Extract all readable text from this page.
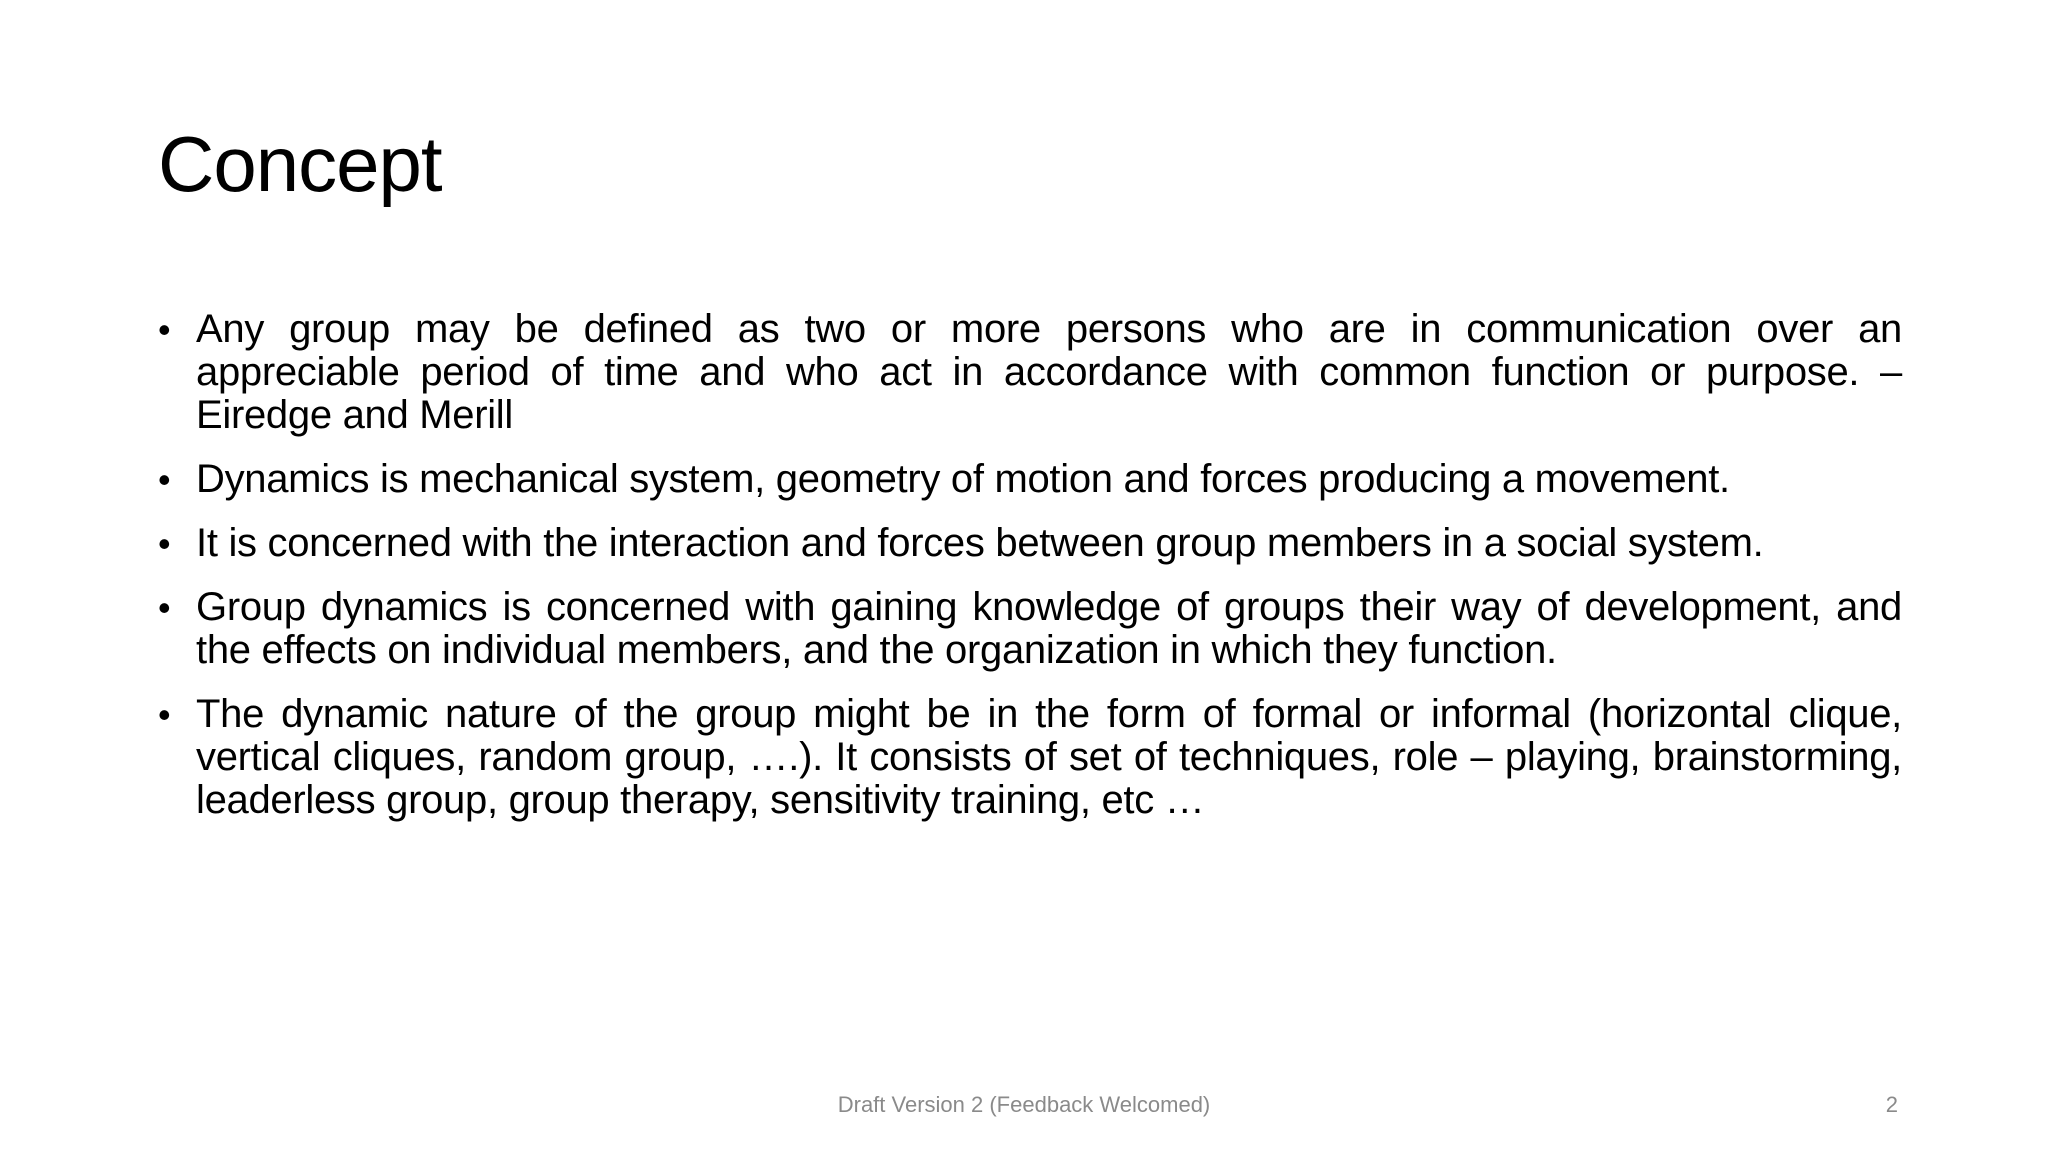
Concept
• Any group may be defined as two or more persons who are in communication over an appreciable period of time and who act in accordance with common function or purpose. – Eiredge and Merill
• Dynamics is mechanical system, geometry of motion and forces producing a movement.
• It is concerned with the interaction and forces between group members in a social system.
• Group dynamics is concerned with gaining knowledge of groups their way of development, and the effects on individual members, and the organization in which they function.
• The dynamic nature of the group might be in the form of formal or informal (horizontal clique, vertical cliques, random group, ….). It consists of set of techniques, role – playing, brainstorming, leaderless group, group therapy, sensitivity training, etc …
Draft Version 2 (Feedback Welcomed)	2
